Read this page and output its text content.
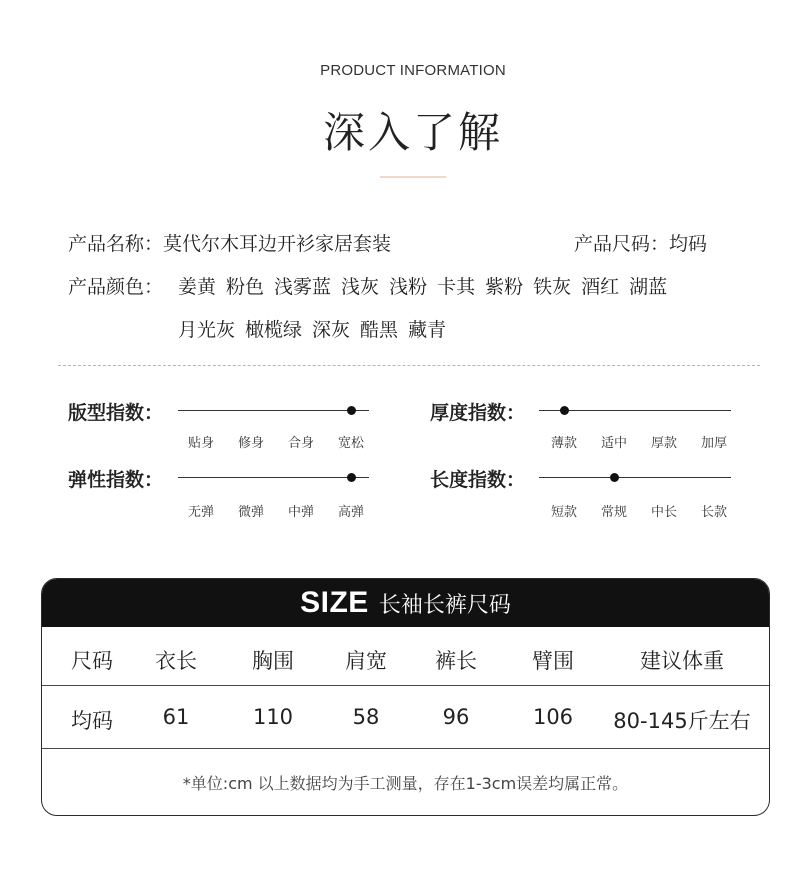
PRODUCT INFORMATION
深入了解
产品名称：莫代尔木耳边开衫家居套装	产品尺码：均码
产品颜色： 姜黄 粉色 浅雾蓝 浅灰 浅粉 卡其 紫粉 铁灰 酒红 湖蓝
月光灰 橄榄绿 深灰 酷黑 藏青
版型指数：
贴身	修身	合身	宽松
厚度指数：
薄款	适中	厚款	加厚
弹性指数：
无弹	微弹	中弹	高弹
长度指数：
短款	常规	中长	长款
SIZE 长袖长裤尺码
尺码 衣长	胸围 肩宽 裤长	臂围	建议体重
均码 61	110	58	96	106 80-145斤左右
*单位:cm 以上数据均为手工测量，存在1-3cm误差均属正常。
